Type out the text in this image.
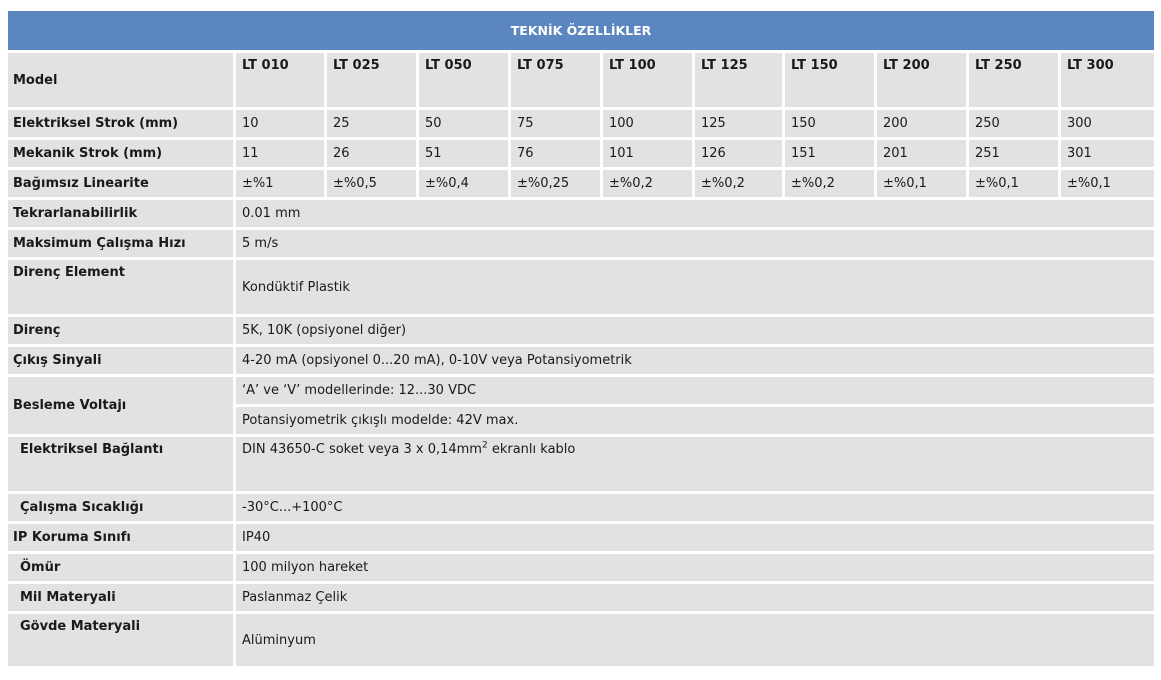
TEKNİK ÖZELLİKLER										
Model	LT 010	LT 025	LT 050	LT 075	LT 100	LT 125	LT 150	LT 200	LT 250	LT 300

Elektriksel Strok (mm)	10	25	50	75	100	125	150	200	250	300
Mekanik Strok (mm)	11	26	51	76	101	126	151	201	251	301
Bağımsız Linearite	±%1	±%0,5	±%0,4	±%0,25	±%0,2	±%0,2	±%0,2	±%0,1	±%0,1	±%0,1
Tekrarlanabilirlik	0.01 mm									
Maksimum Çalışma Hızı	5 m/s									

Direnç Element	Kondüktif Plastik									
Direnç	5K, 10K (opsiyonel diğer)									
Çıkış Sinyali	4-20 mA (opsiyonel 0...20 mA), 0-10V veya Potansiyometrik									
Besleme Voltajı	‘A’ ve ‘V’ modellerinde: 12...30 VDC									
	Potansiyometrik çıkışlı modelde: 42V max.									

Elektriksel Bağlantı	DIN 43650-C soket veya 3 x $0,14mm^2$ ekranlı kablo									

Çalışma Sıcaklığı	-30°C...+100°C									
IP Koruma Sınıfı	IP40									
Ömür	100 milyon hareket									
Mil Materyali	Paslanmaz Çelik									

Gövde Materyali	Alüminyum									
